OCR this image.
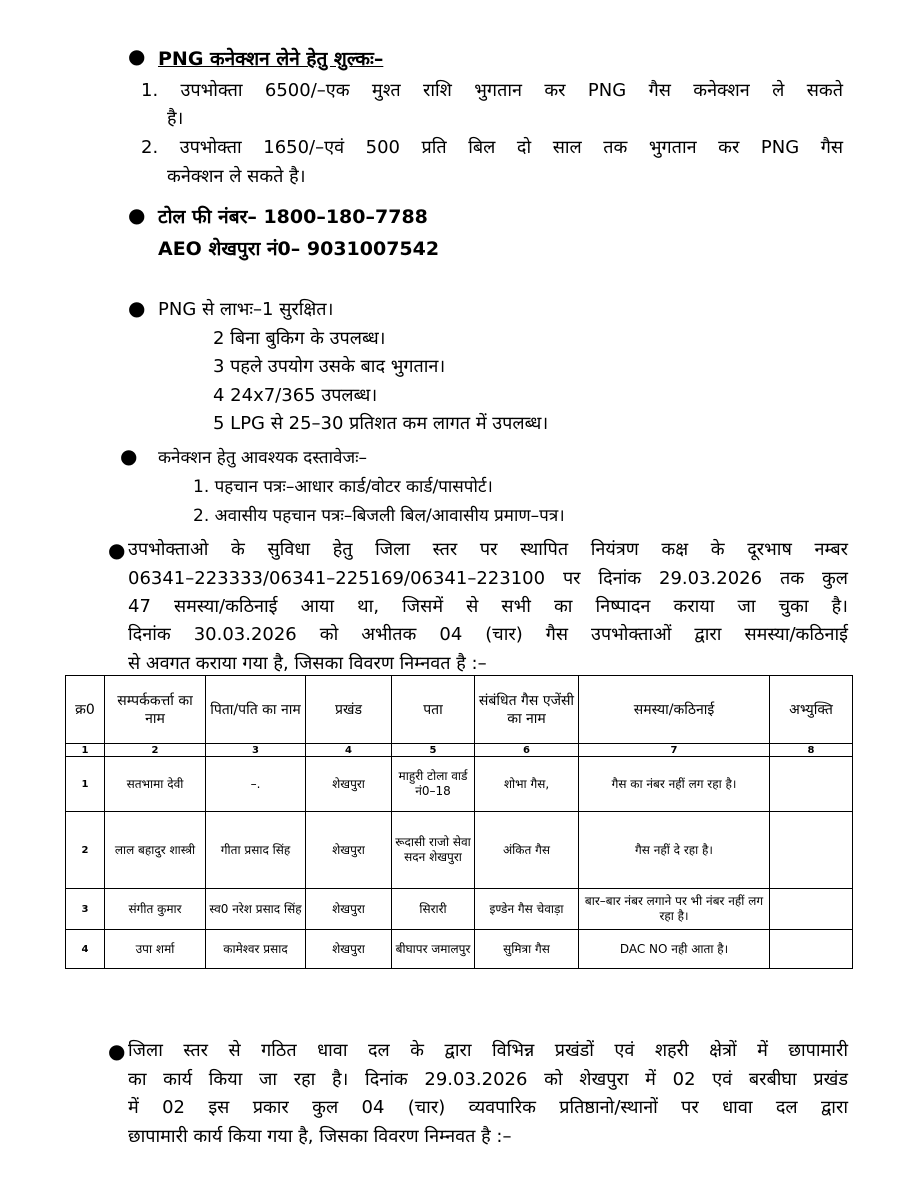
● PNG कनेक्शन लेने हेतु शुल्कः–
1. उपभोक्ता 6500/–एक मुश्त राशि भुगतान कर PNG गैस कनेक्शन ले सकते
है।
2. उपभोक्ता 1650/–एवं 500 प्रति बिल दो साल तक भुगतान कर PNG गैस
कनेक्शन ले सकते है।
● टोल फी नंबर– 1800–180–7788
AEO शेखपुरा नं0– 9031007542
● PNG से लाभः–1 सुरक्षित।
2 बिना बुकिग के उपलब्ध।
3 पहले उपयोग उसके बाद भुगतान।
4 24x7/365 उपलब्ध।
5 LPG से 25–30 प्रतिशत कम लागत में उपलब्ध।
● कनेक्शन हेतु आवश्यक दस्तावेजः–
1. पहचान पत्रः–आधार कार्ड/वोटर कार्ड/पासपोर्ट।
2. अवासीय पहचान पत्रः–बिजली बिल/आवासीय प्रमाण–पत्र।
● उपभोक्ताओ के सुविधा हेतु जिला स्तर पर स्थापित नियंत्रण कक्ष के दूरभाष नम्बर
06341–223333/06341–225169/06341–223100 पर दिनांक 29.03.2026 तक कुल
47 समस्या/कठिनाई आया था, जिसमें से सभी का निष्पादन कराया जा चुका है।
दिनांक 30.03.2026 को अभीतक 04 (चार) गैस उपभोक्ताओं द्वारा समस्या/कठिनाई
से अवगत कराया गया है, जिसका विवरण निम्नवत है :–
क्र0	सम्पर्ककर्त्ता का नाम	पिता/पति का नाम	प्रखंड	पता	संबंधित गैस एजेंसी का नाम	समस्या/कठिनाई	अभ्युक्ति
1	2	3	4	5	6	7	8
1	सतभामा देवी	–.	शेखपुरा	माहुरी टोला वार्ड नं0–18	शोभा गैस,	गैस का नंबर नहीं लग रहा है।	
2	लाल बहादुर शास्त्री	गीता प्रसाद सिंह	शेखपुरा	रूदासी राजो सेवा सदन शेखपुरा	अंकित गैस	गैस नहीं दे रहा है।	
3	संगीत कुमार	स्व0 नरेश प्रसाद सिंह	शेखपुरा	सिरारी	इण्डेन गैस चेवाड़ा	बार–बार नंबर लगाने पर भी नंबर नहीं लग रहा है।	
4	उपा शर्मा	कामेश्वर प्रसाद	शेखपुरा	बीघापर जमालपुर	सुमित्रा गैस	DAC NO नही आता है।	
● जिला स्तर से गठित धावा दल के द्वारा विभिन्न प्रखंडों एवं शहरी क्षेत्रों में छापामारी
का कार्य किया जा रहा है। दिनांक 29.03.2026 को शेखपुरा में 02 एवं बरबीघा प्रखंड
में 02 इस प्रकार कुल 04 (चार) व्यवपारिक प्रतिष्ठानो/स्थानों पर धावा दल द्वारा
छापामारी कार्य किया गया है, जिसका विवरण निम्नवत है :–
